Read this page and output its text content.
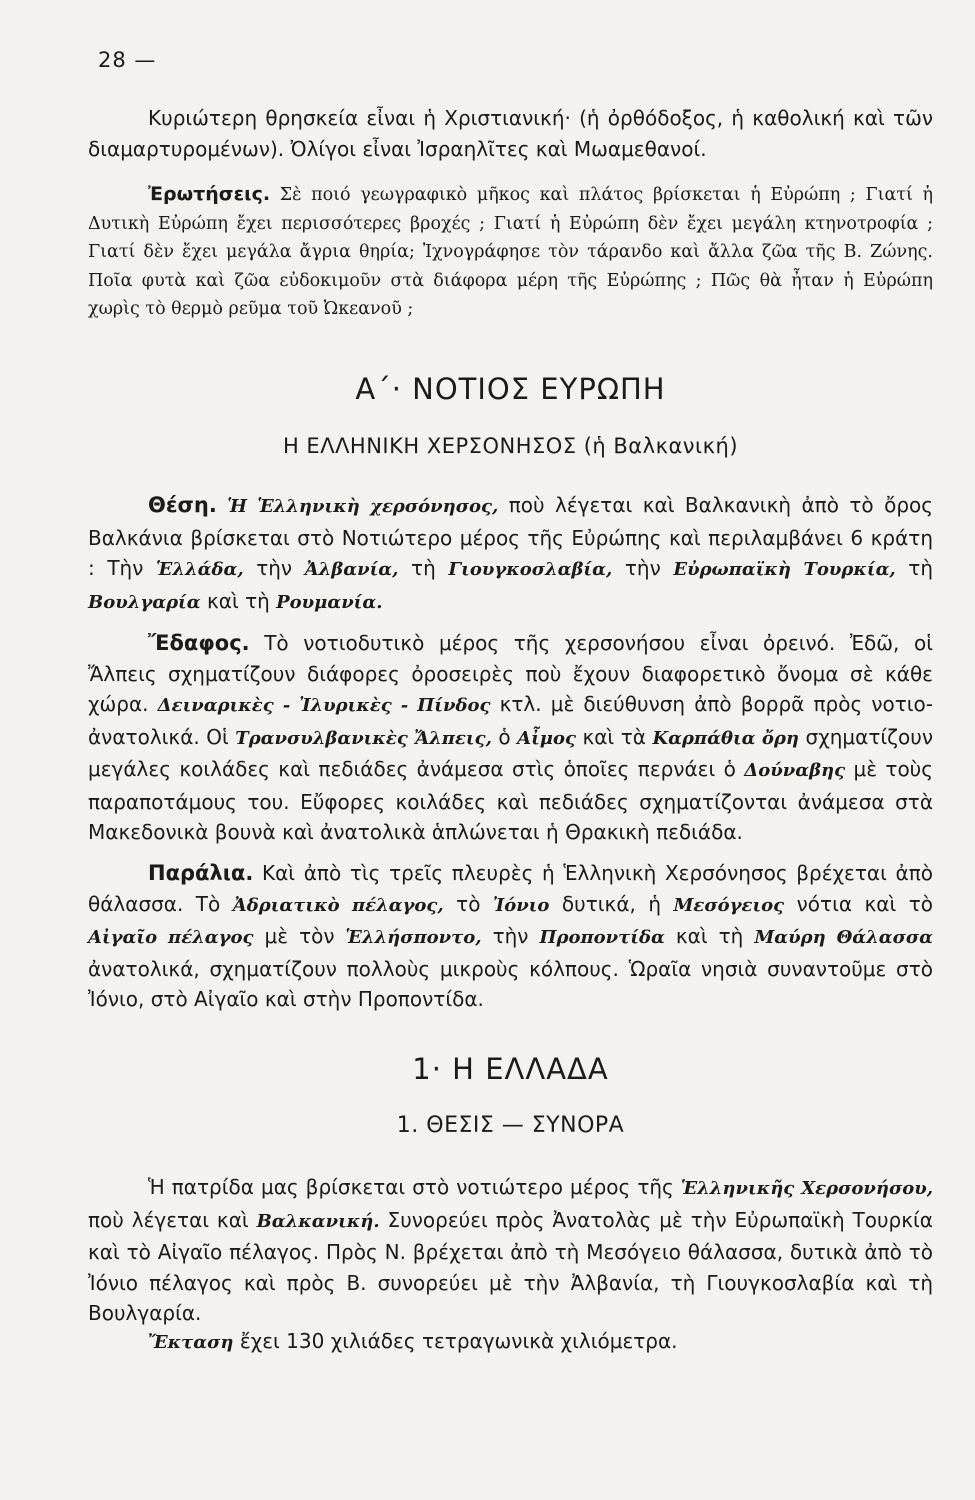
28 —

Κυριώτερη θρησκεία εἶναι ἡ Χριστιανική· (ἡ ὀρθόδοξος, ἡ καθολική καὶ τῶν διαμαρτυρομένων). Ὀλίγοι εἶναι Ἰσραηλῖτες καὶ Μωαμεθανοί.

Ἐρωτήσεις. Σὲ ποιό γεωγραφικὸ μῆκος καὶ πλάτος βρίσκεται ἡ Εὐρώπη ; Γιατί ἡ Δυτικὴ Εὐρώπη ἔχει περισσότερες βροχές ; Γιατί ἡ Εὐρώπη δὲν ἔχει μεγάλη κτηνοτροφία ; Γιατί δὲν ἔχει μεγάλα ἄγρια θηρία; Ἰχνογράφησε τὸν τάρανδο καὶ ἄλλα ζῶα τῆς Β. Ζώνης. Ποῖα φυτὰ καὶ ζῶα εὐδοκιμοῦν στὰ διάφορα μέρη τῆς Εὐρώπης ; Πῶς θὰ ἦταν ἡ Εὐρώπη χωρὶς τὸ θερμὸ ρεῦμα τοῦ Ὠκεανοῦ ;

Α΄· ΝΟΤΙΟΣ ΕΥΡΩΠΗ
Η ΕΛΛΗΝΙΚΗ ΧΕΡΣΟΝΗΣΟΣ (ἡ Βαλκανική)

Θέση. Ἡ Ἑλληνικὴ χερσόνησος, ποὺ λέγεται καὶ Βαλκανικὴ ἀπὸ τὸ ὄρος Βαλκάνια βρίσκεται στὸ Νοτιώτερο μέρος τῆς Εὐρώπης καὶ περιλαμβάνει 6 κράτη : Τὴν Ἑλλάδα, τὴν Ἀλβανία, τὴ Γιουγκοσλαβία, τὴν Εὐρωπαϊκὴ Τουρκία, τὴ Βουλγαρία καὶ τὴ Ρουμανία.

Ἔδαφος. Τὸ νοτιοδυτικὸ μέρος τῆς χερσονήσου εἶναι ὀρεινό. Ἐδῶ, οἱ Ἄλπεις σχηματίζουν διάφορες ὀροσειρὲς ποὺ ἔχουν διαφορετικὸ ὄνομα σὲ κάθε χώρα. Δειναρικὲς - Ἰλυρικὲς - Πίνδος κτλ. μὲ διεύθυνση ἀπὸ βορρᾶ πρὸς νοτιο-ἀνατολικά. Οἱ Τρανσυλβανικὲς Ἄλπεις, ὁ Αἶμος καὶ τὰ Καρπάθια ὄρη σχηματίζουν μεγάλες κοιλάδες καὶ πεδιάδες ἀνάμεσα στὶς ὁποῖες περνάει ὁ Δούναβης μὲ τοὺς παραποτάμους του. Εὔφορες κοιλάδες καὶ πεδιάδες σχηματίζονται ἀνάμεσα στὰ Μακεδονικὰ βουνὰ καὶ ἀνατολικὰ ἁπλώνεται ἡ Θρακικὴ πεδιάδα.

Παράλια. Καὶ ἀπὸ τὶς τρεῖς πλευρὲς ἡ Ἑλληνικὴ Χερσόνησος βρέχεται ἀπὸ θάλασσα. Τὸ Ἀδριατικὸ πέλαγος, τὸ Ἰόνιο δυτικά, ἡ Μεσόγειος νότια καὶ τὸ Αἰγαῖο πέλαγος μὲ τὸν Ἑλλήσποντο, τὴν Προποντίδα καὶ τὴ Μαύρη Θάλασσα ἀνατολικά, σχηματίζουν πολλοὺς μικροὺς κόλπους. Ὡραῖα νησιὰ συναντοῦμε στὸ Ἰόνιο, στὸ Αἰγαῖο καὶ στὴν Προποντίδα.

1· Η ΕΛΛΑΔΑ
1. ΘΕΣΙΣ — ΣΥΝΟΡΑ

Ἡ πατρίδα μας βρίσκεται στὸ νοτιώτερο μέρος τῆς Ἑλληνικῆς Χερσονήσου, ποὺ λέγεται καὶ Βαλκανική. Συνορεύει πρὸς Ἀνατολὰς μὲ τὴν Εὐρωπαϊκὴ Τουρκία καὶ τὸ Αἰγαῖο πέλαγος. Πρὸς Ν. βρέχεται ἀπὸ τὴ Μεσόγειο θάλασσα, δυτικὰ ἀπὸ τὸ Ἰόνιο πέλαγος καὶ πρὸς Β. συνορεύει μὲ τὴν Ἀλβανία, τὴ Γιουγκοσλαβία καὶ τὴ Βουλγαρία.

Ἔκταση ἔχει 130 χιλιάδες τετραγωνικὰ χιλιόμετρα.
